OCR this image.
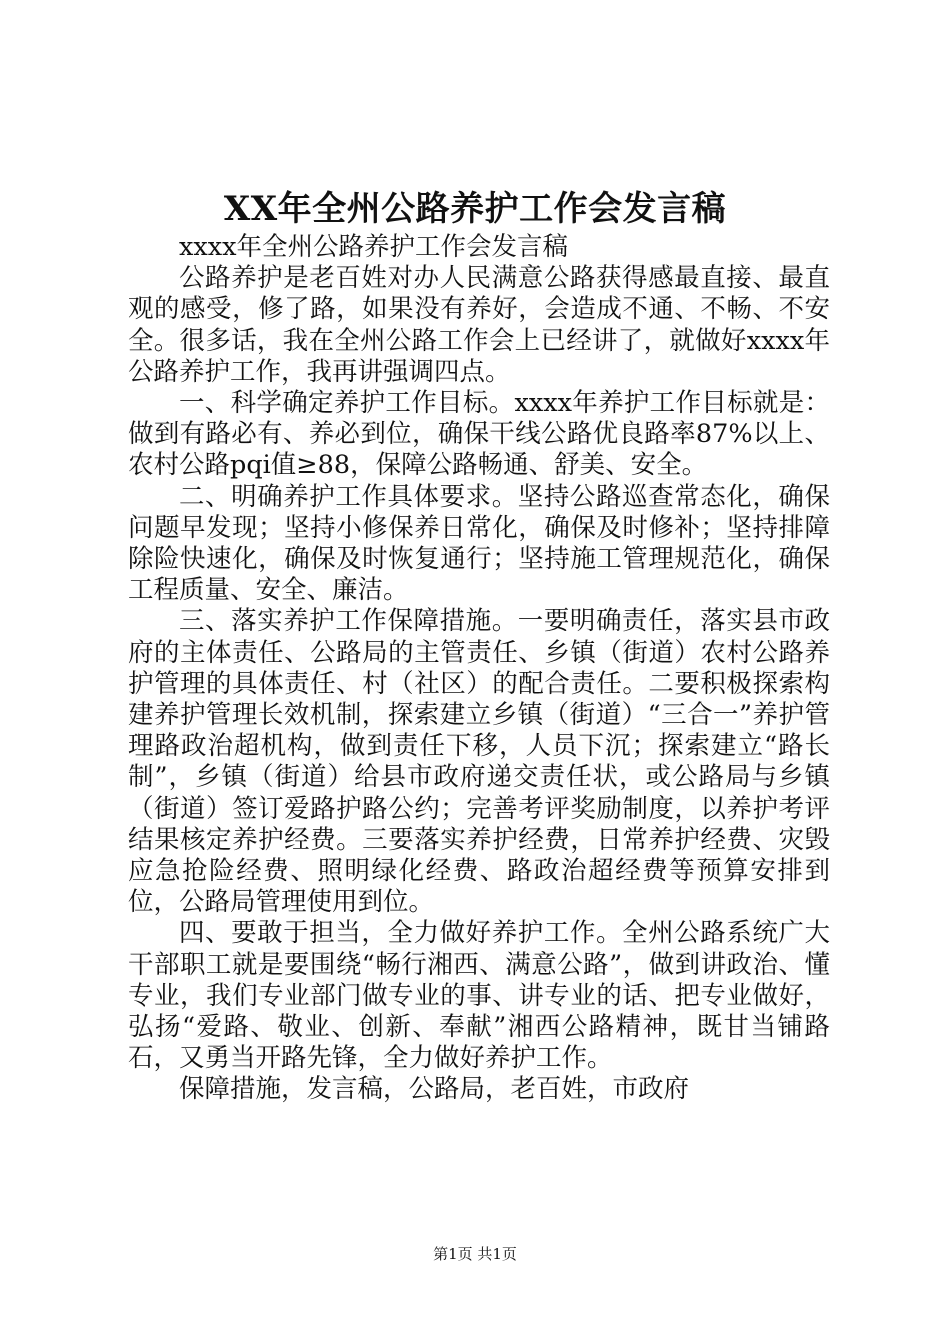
XX年全州公路养护工作会发言稿

xxxx年全州公路养护工作会发言稿

公路养护是老百姓对办人民满意公路获得感最直接、最直观的感受，修了路，如果没有养好，会造成不通、不畅、不安全。很多话，我在全州公路工作会上已经讲了，就做好xxxx年公路养护工作，我再讲强调四点。

一、科学确定养护工作目标。xxxx年养护工作目标就是：做到有路必有、养必到位，确保干线公路优良路率87%以上、农村公路pqi值≥88，保障公路畅通、舒美、安全。

二、明确养护工作具体要求。坚持公路巡查常态化，确保问题早发现；坚持小修保养日常化，确保及时修补；坚持排障除险快速化，确保及时恢复通行；坚持施工管理规范化，确保工程质量、安全、廉洁。

三、落实养护工作保障措施。一要明确责任，落实县市政府的主体责任、公路局的主管责任、乡镇（街道）农村公路养护管理的具体责任、村（社区）的配合责任。二要积极探索构建养护管理长效机制，探索建立乡镇（街道）“三合一”养护管理路政治超机构，做到责任下移，人员下沉；探索建立“路长制”，乡镇（街道）给县市政府递交责任状，或公路局与乡镇（街道）签订爱路护路公约；完善考评奖励制度，以养护考评结果核定养护经费。三要落实养护经费，日常养护经费、灾毁应急抢险经费、照明绿化经费、路政治超经费等预算安排到位，公路局管理使用到位。

四、要敢于担当，全力做好养护工作。全州公路系统广大干部职工就是要围绕“畅行湘西、满意公路”，做到讲政治、懂专业，我们专业部门做专业的事、讲专业的话、把专业做好，弘扬“爱路、敬业、创新、奉献”湘西公路精神，既甘当铺路石，又勇当开路先锋，全力做好养护工作。

保障措施，发言稿，公路局，老百姓，市政府

第1页 共1页
